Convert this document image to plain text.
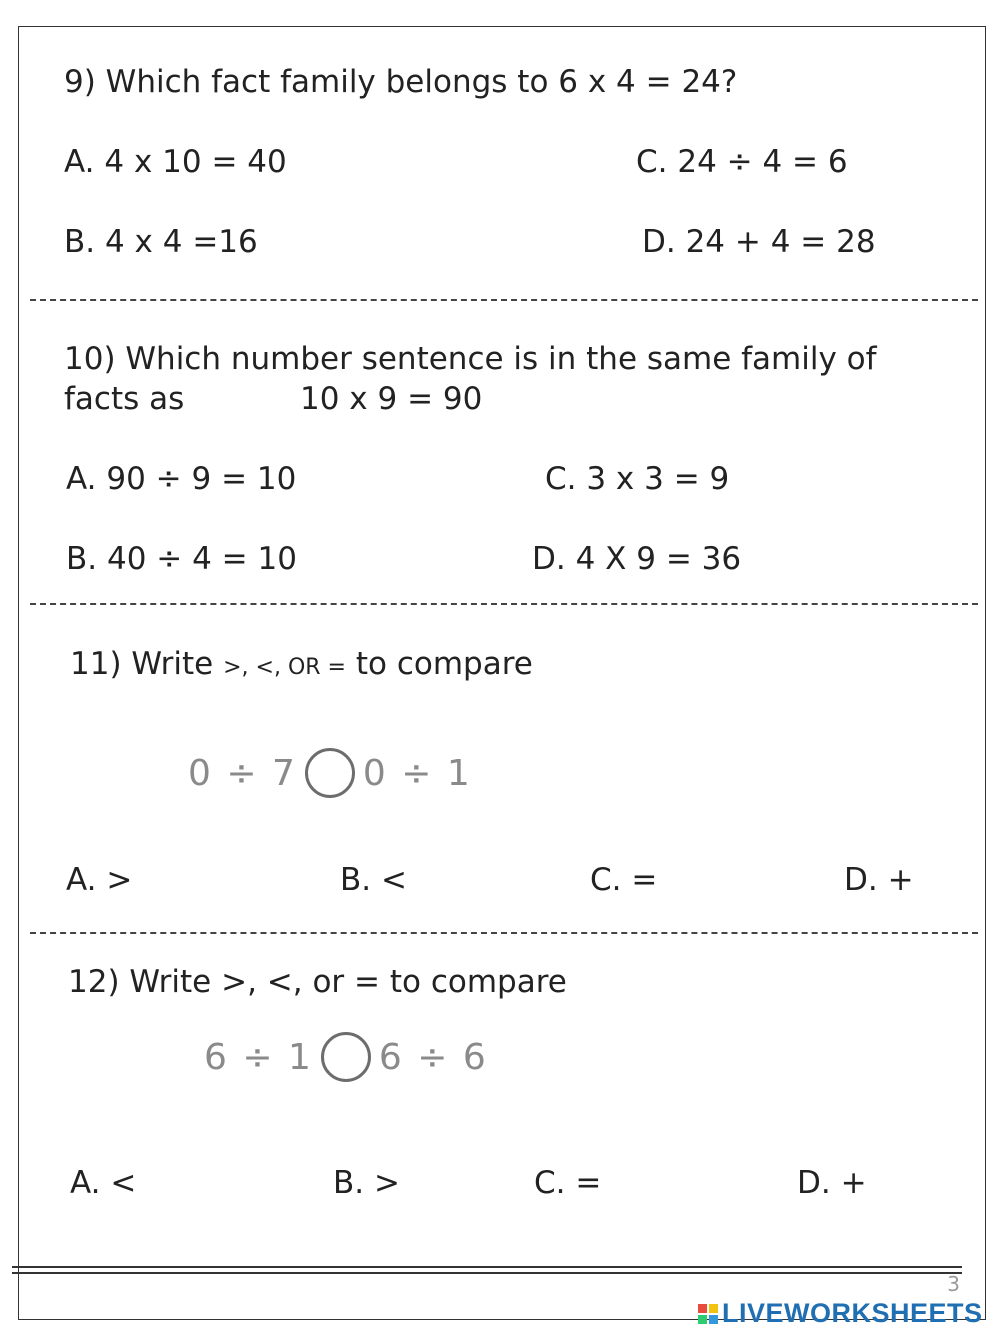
9) Which fact family belongs to 6 x 4 = 24?
A. 4 x 10 = 40	C. 24 ÷ 4 = 6
B. 4 x 4 =16	D. 24 + 4 = 28
10) Which number sentence is in the same family of
facts as	10 x 9 = 90
A. 90 ÷ 9 = 10	C. 3 x 3 = 9
B. 40 ÷ 4 = 10	D. 4 X 9 = 36
11) Write >, <, OR = to compare
0 ÷ 7 0 ÷ 1
A. >	B. <	C. =	D. +
12) Write >, <, or = to compare
6 ÷ 1 6 ÷ 6
A. <	B. >	C. =	D. +
3
LIVEWORKSHEETS
